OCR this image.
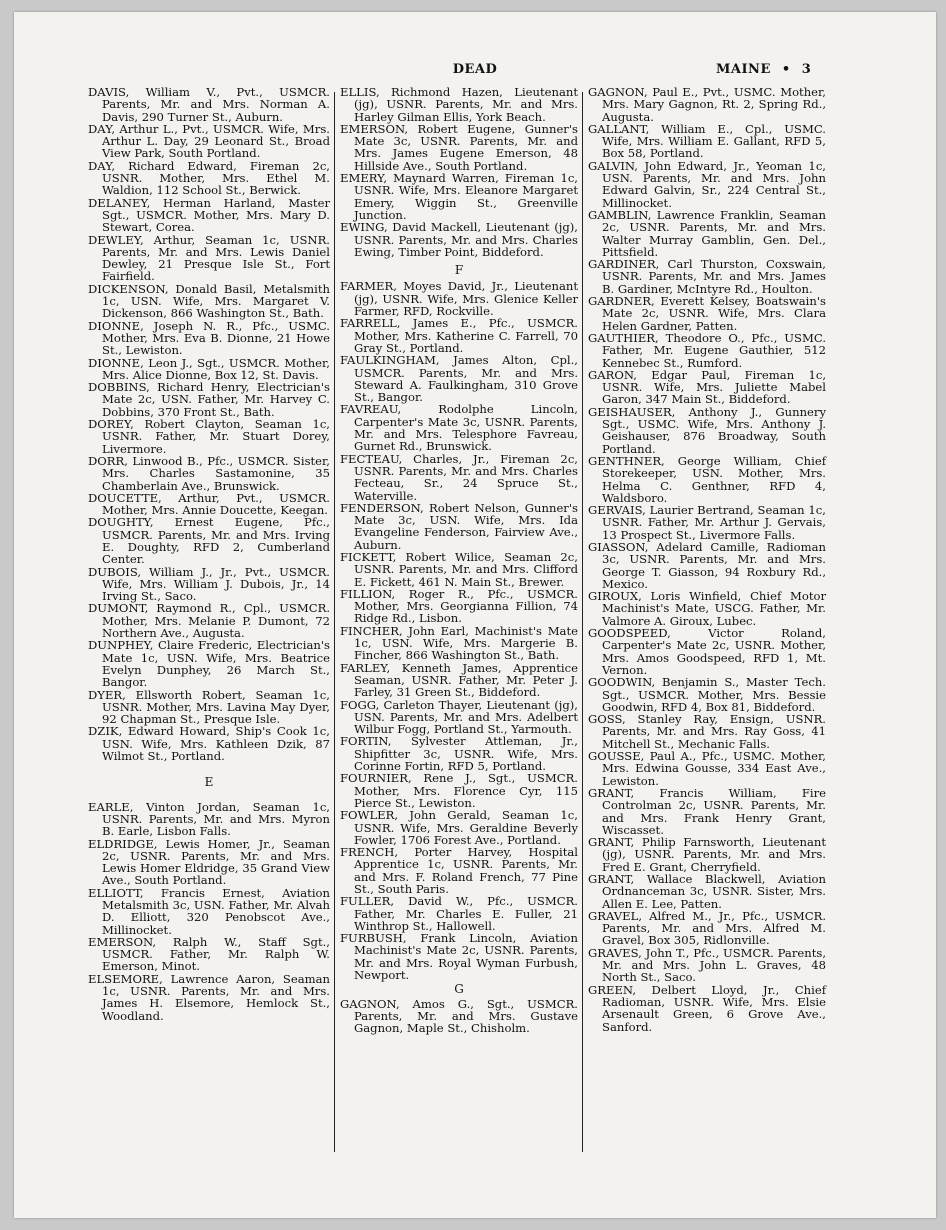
DEAD	MAINE • 3

DAVIS, William V., Pvt., USMCR. Parents, Mr. and Mrs. Norman A. Davis, 290 Turner St., Auburn.

DAY, Arthur L., Pvt., USMCR. Wife, Mrs. Arthur L. Day, 29 Leonard St., Broad View Park, South Portland.

DAY, Richard Edward, Fireman 2c, USNR. Mother, Mrs. Ethel M. Waldion, 112 School St., Berwick.

DELANEY, Herman Harland, Master Sgt., USMCR. Mother, Mrs. Mary D. Stewart, Corea.

DEWLEY, Arthur, Seaman 1c, USNR. Parents, Mr. and Mrs. Lewis Daniel Dewley, 21 Presque Isle St., Fort Fairfield.

DICKENSON, Donald Basil, Metalsmith 1c, USN. Wife, Mrs. Margaret V. Dickenson, 866 Washington St., Bath.

DIONNE, Joseph N. R., Pfc., USMC. Mother, Mrs. Eva B. Dionne, 21 Howe St., Lewiston.

DIONNE, Leon J., Sgt., USMCR. Mother, Mrs. Alice Dionne, Box 12, St. Davis.

DOBBINS, Richard Henry, Electrician's Mate 2c, USN. Father, Mr. Harvey C. Dobbins, 370 Front St., Bath.

DOREY, Robert Clayton, Seaman 1c, USNR. Father, Mr. Stuart Dorey, Livermore.

DORR, Linwood B., Pfc., USMCR. Sister, Mrs. Charles Sastamonine, 35 Chamberlain Ave., Brunswick.

DOUCETTE, Arthur, Pvt., USMCR. Mother, Mrs. Annie Doucette, Keegan.

DOUGHTY, Ernest Eugene, Pfc., USMCR. Parents, Mr. and Mrs. Irving E. Doughty, RFD 2, Cumberland Center.

DUBOIS, William J., Jr., Pvt., USMCR. Wife, Mrs. William J. Dubois, Jr., 14 Irving St., Saco.

DUMONT, Raymond R., Cpl., USMCR. Mother, Mrs. Melanie P. Dumont, 72 Northern Ave., Augusta.

DUNPHEY, Claire Frederic, Electrician's Mate 1c, USN. Wife, Mrs. Beatrice Evelyn Dunphey, 26 March St., Bangor.

DYER, Ellsworth Robert, Seaman 1c, USNR. Mother, Mrs. Lavina May Dyer, 92 Chapman St., Presque Isle.

DZIK, Edward Howard, Ship's Cook 1c, USN. Wife, Mrs. Kathleen Dzik, 87 Wilmot St., Portland.

E

EARLE, Vinton Jordan, Seaman 1c, USNR. Parents, Mr. and Mrs. Myron B. Earle, Lisbon Falls.

ELDRIDGE, Lewis Homer, Jr., Seaman 2c, USNR. Parents, Mr. and Mrs. Lewis Homer Eldridge, 35 Grand View Ave., South Portland.

ELLIOTT, Francis Ernest, Aviation Metalsmith 3c, USN. Father, Mr. Alvah D. Elliott, 320 Penobscot Ave., Millinocket.

EMERSON, Ralph W., Staff Sgt., USMCR. Father, Mr. Ralph W. Emerson, Minot.

ELSEMORE, Lawrence Aaron, Seaman 1c, USNR. Parents, Mr. and Mrs. James H. Elsemore, Hemlock St., Woodland.

ELLIS, Richmond Hazen, Lieutenant (jg), USNR. Parents, Mr. and Mrs. Harley Gilman Ellis, York Beach.

EMERSON, Robert Eugene, Gunner's Mate 3c, USNR. Parents, Mr. and Mrs. James Eugene Emerson, 48 Hillside Ave., South Portland.

EMERY, Maynard Warren, Fireman 1c, USNR. Wife, Mrs. Eleanore Margaret Emery, Wiggin St., Greenville Junction.

EWING, David Mackell, Lieutenant (jg), USNR. Parents, Mr. and Mrs. Charles Ewing, Timber Point, Biddeford.

F

FARMER, Moyes David, Jr., Lieutenant (jg), USNR. Wife, Mrs. Glenice Keller Farmer, RFD, Rockville.

FARRELL, James E., Pfc., USMCR. Mother, Mrs. Katherine C. Farrell, 70 Gray St., Portland.

FAULKINGHAM, James Alton, Cpl., USMCR. Parents, Mr. and Mrs. Steward A. Faulkingham, 310 Grove St., Bangor.

FAVREAU, Rodolphe Lincoln, Carpenter's Mate 3c, USNR. Parents, Mr. and Mrs. Telesphore Favreau, Gurnet Rd., Brunswick.

FECTEAU, Charles, Jr., Fireman 2c, USNR. Parents, Mr. and Mrs. Charles Fecteau, Sr., 24 Spruce St., Waterville.

FENDERSON, Robert Nelson, Gunner's Mate 3c, USN. Wife, Mrs. Ida Evangeline Fenderson, Fairview Ave., Auburn.

FICKETT, Robert Wilice, Seaman 2c, USNR. Parents, Mr. and Mrs. Clifford E. Fickett, 461 N. Main St., Brewer.

FILLION, Roger R., Pfc., USMCR. Mother, Mrs. Georgianna Fillion, 74 Ridge Rd., Lisbon.

FINCHER, John Earl, Machinist's Mate 1c, USN. Wife, Mrs. Margerie B. Fincher, 866 Washington St., Bath.

FARLEY, Kenneth James, Apprentice Seaman, USNR. Father, Mr. Peter J. Farley, 31 Green St., Biddeford.

FOGG, Carleton Thayer, Lieutenant (jg), USN. Parents, Mr. and Mrs. Adelbert Wilbur Fogg, Portland St., Yarmouth.

FORTIN, Sylvester Attleman, Jr., Shipfitter 3c, USNR. Wife, Mrs. Corinne Fortin, RFD 5, Portland.

FOURNIER, Rene J., Sgt., USMCR. Mother, Mrs. Florence Cyr, 115 Pierce St., Lewiston.

FOWLER, John Gerald, Seaman 1c, USNR. Wife, Mrs. Geraldine Beverly Fowler, 1706 Forest Ave., Portland.

FRENCH, Porter Harvey, Hospital Apprentice 1c, USNR. Parents, Mr. and Mrs. F. Roland French, 77 Pine St., South Paris.

FULLER, David W., Pfc., USMCR. Father, Mr. Charles E. Fuller, 21 Winthrop St., Hallowell.

FURBUSH, Frank Lincoln, Aviation Machinist's Mate 2c, USNR. Parents, Mr. and Mrs. Royal Wyman Furbush, Newport.

G

GAGNON, Amos G., Sgt., USMCR. Parents, Mr. and Mrs. Gustave Gagnon, Maple St., Chisholm.

GAGNON, Paul E., Pvt., USMC. Mother, Mrs. Mary Gagnon, Rt. 2, Spring Rd., Augusta.

GALLANT, William E., Cpl., USMC. Wife, Mrs. William E. Gallant, RFD 5, Box 58, Portland.

GALVIN, John Edward, Jr., Yeoman 1c, USN. Parents, Mr. and Mrs. John Edward Galvin, Sr., 224 Central St., Millinocket.

GAMBLIN, Lawrence Franklin, Seaman 2c, USNR. Parents, Mr. and Mrs. Walter Murray Gamblin, Gen. Del., Pittsfield.

GARDINER, Carl Thurston, Coxswain, USNR. Parents, Mr. and Mrs. James B. Gardiner, McIntyre Rd., Houlton.

GARDNER, Everett Kelsey, Boatswain's Mate 2c, USNR. Wife, Mrs. Clara Helen Gardner, Patten.

GAUTHIER, Theodore O., Pfc., USMC. Father, Mr. Eugene Gauthier, 512 Kennebec St., Rumford.

GARON, Edgar Paul, Fireman 1c, USNR. Wife, Mrs. Juliette Mabel Garon, 347 Main St., Biddeford.

GEISHAUSER, Anthony J., Gunnery Sgt., USMC. Wife, Mrs. Anthony J. Geishauser, 876 Broadway, South Portland.

GENTHNER, George William, Chief Storekeeper, USN. Mother, Mrs. Helma C. Genthner, RFD 4, Waldsboro.

GERVAIS, Laurier Bertrand, Seaman 1c, USNR. Father, Mr. Arthur J. Gervais, 13 Prospect St., Livermore Falls.

GIASSON, Adelard Camille, Radioman 3c, USNR. Parents, Mr. and Mrs. George T. Giasson, 94 Roxbury Rd., Mexico.

GIROUX, Loris Winfield, Chief Motor Machinist's Mate, USCG. Father, Mr. Valmore A. Giroux, Lubec.

GOODSPEED, Victor Roland, Carpenter's Mate 2c, USNR. Mother, Mrs. Amos Goodspeed, RFD 1, Mt. Vernon.

GOODWIN, Benjamin S., Master Tech. Sgt., USMCR. Mother, Mrs. Bessie Goodwin, RFD 4, Box 81, Biddeford.

GOSS, Stanley Ray, Ensign, USNR. Parents, Mr. and Mrs. Ray Goss, 41 Mitchell St., Mechanic Falls.

GOUSSE, Paul A., Pfc., USMC. Mother, Mrs. Edwina Gousse, 334 East Ave., Lewiston.

GRANT, Francis William, Fire Controlman 2c, USNR. Parents, Mr. and Mrs. Frank Henry Grant, Wiscasset.

GRANT, Philip Farnsworth, Lieutenant (jg), USNR. Parents, Mr. and Mrs. Fred E. Grant, Cherryfield.

GRANT, Wallace Blackwell, Aviation Ordnanceman 3c, USNR. Sister, Mrs. Allen E. Lee, Patten.

GRAVEL, Alfred M., Jr., Pfc., USMCR. Parents, Mr. and Mrs. Alfred M. Gravel, Box 305, Ridlonville.

GRAVES, John T., Pfc., USMCR. Parents, Mr. and Mrs. John L. Graves, 48 North St., Saco.

GREEN, Delbert Lloyd, Jr., Chief Radioman, USNR. Wife, Mrs. Elsie Arsenault Green, 6 Grove Ave., Sanford.
